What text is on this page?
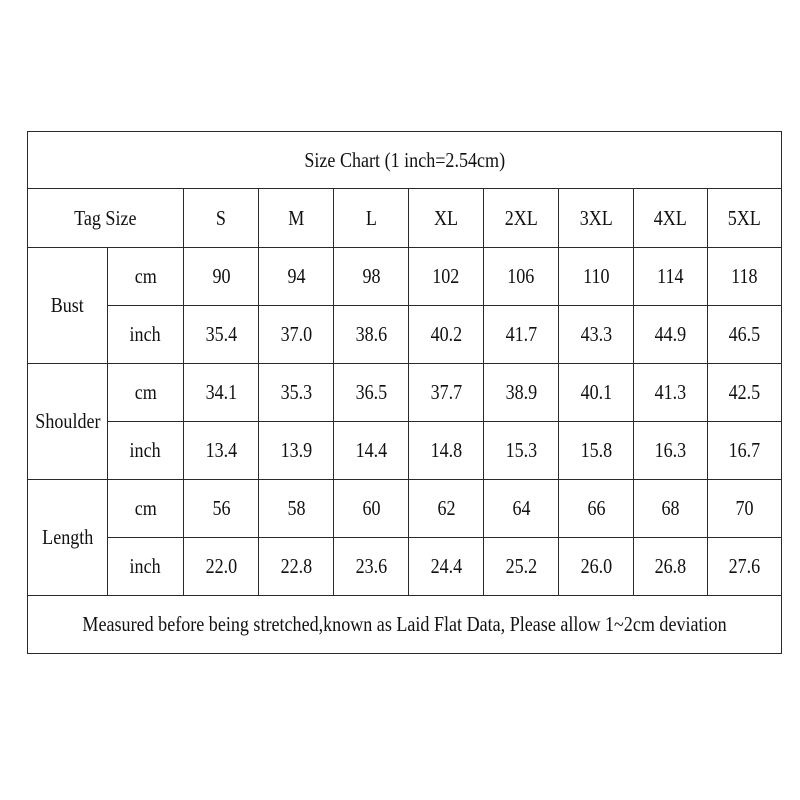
Size Chart (1 inch=2.54cm)									
Tag Size		S	M	L	XL	2XL	3XL	4XL	5XL
Bust	cm	90	94	98	102	106	110	114	118
	inch	35.4	37.0	38.6	40.2	41.7	43.3	44.9	46.5
Shoulder	cm	34.1	35.3	36.5	37.7	38.9	40.1	41.3	42.5
	inch	13.4	13.9	14.4	14.8	15.3	15.8	16.3	16.7
Length	cm	56	58	60	62	64	66	68	70
	inch	22.0	22.8	23.6	24.4	25.2	26.0	26.8	27.6
Measured before being stretched,known as Laid Flat Data, Please allow 1~2cm deviation									
